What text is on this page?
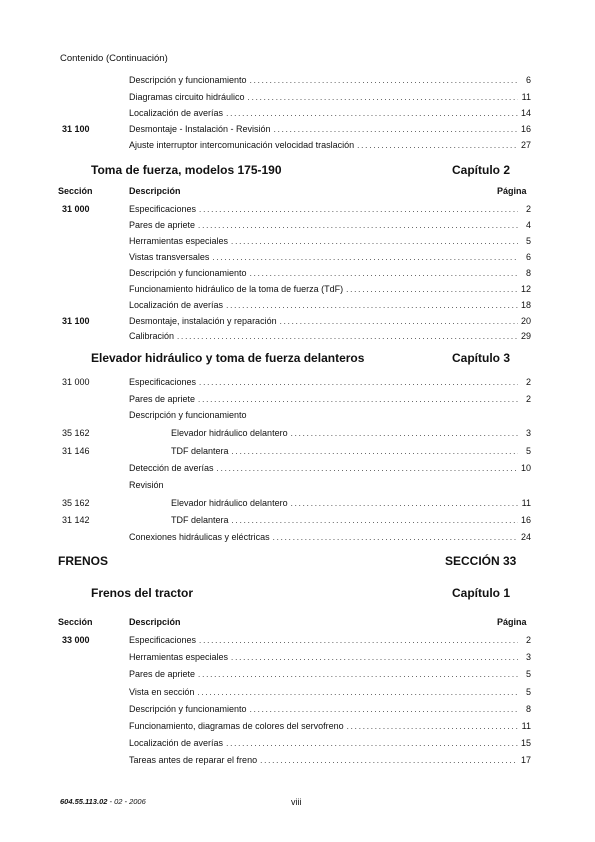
Contenido (Continuación)
Descripción y funcionamiento .....	6
Diagramas circuito hidráulico .....	11
Localización de averías .....	14
31 100	Desmontaje - Instalación - Revisión .....	16
Ajuste interruptor intercomunicación velocidad traslación .....	27
Toma de fuerza, modelos 175-190	Capítulo 2
Sección	Descripción	Página
31 000	Especificaciones .....	2
Pares de apriete .....	4
Herramientas especiales .....	5
Vistas transversales .....	6
Descripción y funcionamiento .....	8
Funcionamiento hidráulico de la toma de fuerza (TdF) .....	12
Localización de averías .....	18
31 100	Desmontaje, instalación y reparación .....	20
Calibración .....	29
Elevador hidráulico y toma de fuerza delanteros	Capítulo 3
31 000	Especificaciones .....	2
Pares de apriete .....	2
Descripción y funcionamiento
35 162	Elevador hidráulico delantero .....	3
31 146	TDF delantera .....	5
Detección de averías .....	10
Revisión
35 162	Elevador hidráulico delantero .....	11
31 142	TDF delantera .....	16
Conexiones hidráulicas y eléctricas .....	24
FRENOS	SECCIÓN 33
Frenos del tractor	Capítulo 1
Sección	Descripción	Página
33 000	Especificaciones .....	2
Herramientas especiales .....	3
Pares de apriete .....	5
Vista en sección .....	5
Descripción y funcionamiento .....	8
Funcionamiento, diagramas de colores del servofreno .....	11
Localización de averías .....	15
Tareas antes de reparar el freno .....	17
604.55.113.02 - 02 - 2006	viii
